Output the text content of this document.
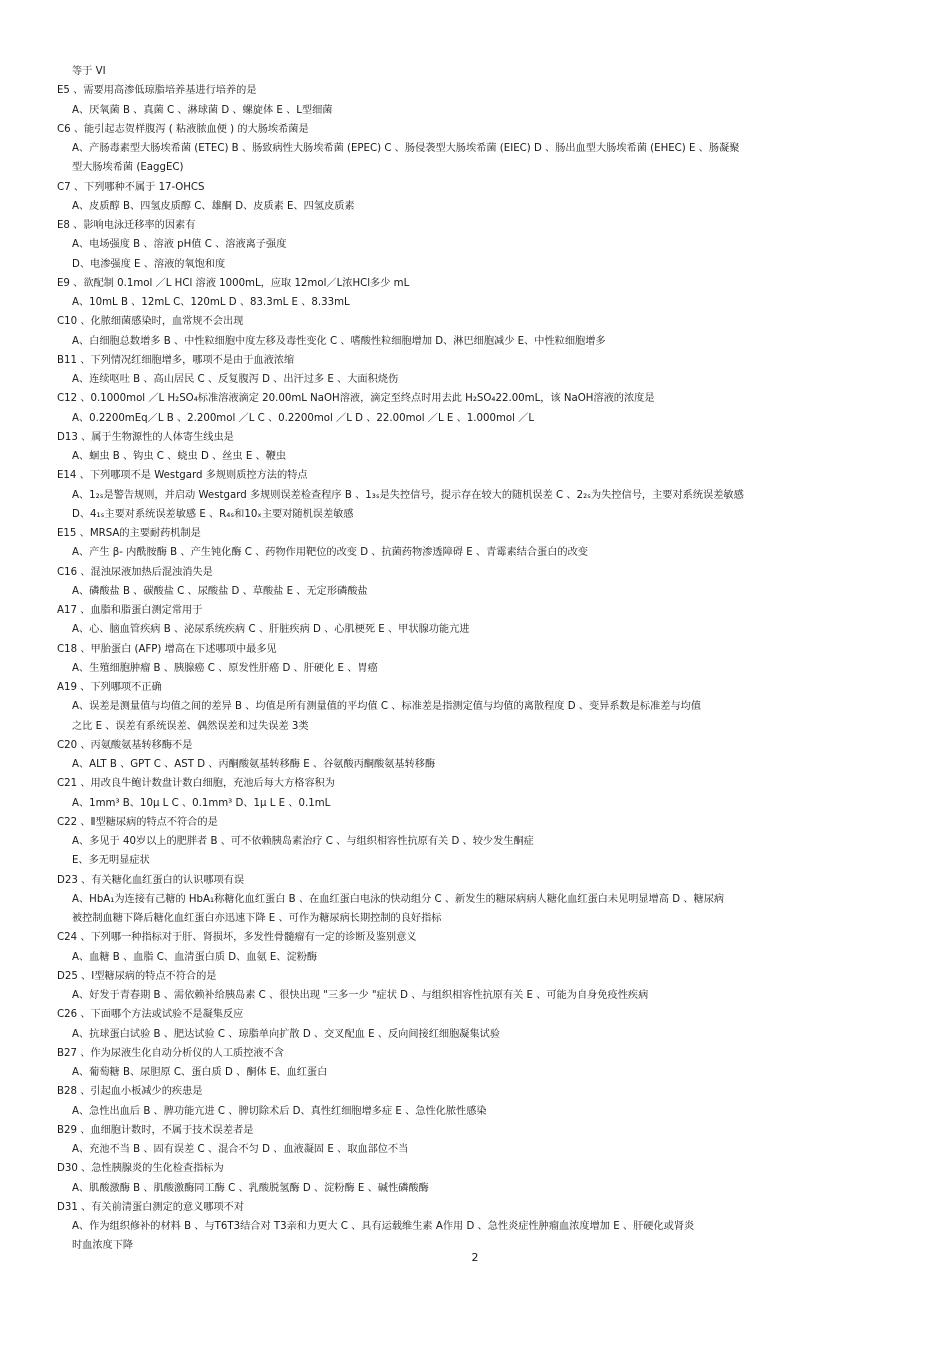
等于 VI
E5 、需要用高渗低琼脂培养基进行培养的是
A、厌氧菌 B 、真菌 C 、淋球菌 D 、螺旋体 E 、L型细菌
C6 、能引起志贺样腹泻 ( 粘液脓血便 ) 的大肠埃希菌是
A、产肠毒素型大肠埃希菌 (ETEC) B 、肠致病性大肠埃希菌 (EPEC) C 、肠侵袭型大肠埃希菌 (EIEC) D 、肠出血型大肠埃希菌 (EHEC) E 、肠凝聚
型大肠埃希菌 (EaggEC)
C7 、下列哪种不属于 17-OHCS
A、皮质醇 B、四氢皮质醇 C、雄酮 D、皮质素 E、四氢皮质素
E8 、影响电泳迁移率的因素有
A、电场强度 B 、溶液 pH值 C 、溶液离子强度
D、电渗强度 E 、溶液的氧饱和度
E9 、欲配制 0.1mol ／L HCl 溶液 1000mL，应取 12mol／L浓HCl多少 mL
A、10mL B 、12mL C、120mL D 、83.3mL E 、8.33mL
C10 、化脓细菌感染时，血常规不会出现
A、白细胞总数增多 B 、中性粒细胞中度左移及毒性变化 C 、嗜酸性粒细胞增加 D、淋巴细胞减少 E、中性粒细胞增多
B11 、下列情况红细胞增多，哪项不是由于血液浓缩
A、连续呕吐 B 、高山居民 C 、反复腹泻 D 、出汗过多 E 、大面积烧伤
C12 、0.1000mol ／L H₂SO₄标准溶液滴定 20.00mL NaOH溶液，滴定至终点时用去此 H₂SO₄22.00mL，该 NaOH溶液的浓度是
A、0.2200mEq／L B 、2.200mol ／L C 、0.2200mol ／L D 、22.00mol ／L E 、1.000mol ／L
D13 、属于生物源性的人体寄生线虫是
A、蛔虫 B 、钩虫 C 、蛲虫 D 、丝虫 E 、鞭虫
E14 、下列哪项不是 Westgard 多规则质控方法的特点
A、1₂ₛ是警告规则，并启动 Westgard 多规则误差检查程序 B 、1₃ₛ是失控信号，提示存在较大的随机误差 C 、2₂ₛ为失控信号，主要对系统误差敏感
D、4₁ₛ主要对系统误差敏感 E 、R₄ₛ和10ₓ主要对随机误差敏感
E15 、MRSA的主要耐药机制是
A、产生 β- 内酰胺酶 B 、产生钝化酶 C 、药物作用靶位的改变 D 、抗菌药物渗透障碍 E 、青霉素结合蛋白的改变
C16 、混浊尿液加热后混浊消失是
A、磷酸盐 B 、碳酸盐 C 、尿酸盐 D 、草酸盐 E 、无定形磷酸盐
A17 、血脂和脂蛋白测定常用于
A、心、脑血管疾病 B 、泌尿系统疾病 C 、肝脏疾病 D 、心肌梗死 E 、甲状腺功能亢进
C18 、甲胎蛋白 (AFP) 增高在下述哪项中最多见
A、生殖细胞肿瘤 B 、胰腺癌 C 、原发性肝癌 D 、肝硬化 E 、胃癌
A19 、下列哪项不正确
A、误差是测量值与均值之间的差异 B 、均值是所有测量值的平均值 C 、标准差是指测定值与均值的离散程度 D 、变异系数是标准差与均值
之比 E 、误差有系统误差、偶然误差和过失误差 3类
C20 、丙氨酸氨基转移酶不是
A、ALT B 、GPT C 、AST D 、丙酮酸氨基转移酶 E 、谷氨酸丙酮酸氨基转移酶
C21 、用改良牛鲍计数盘计数白细胞，充池后每大方格容积为
A、1mm³ B、10μ L C 、0.1mm³ D、1μ L E 、0.1mL
C22 、Ⅱ型糖尿病的特点不符合的是
A、多见于 40岁以上的肥胖者 B 、可不依赖胰岛素治疗 C 、与组织相容性抗原有关 D 、较少发生酮症
E、多无明显症状
D23 、有关糖化血红蛋白的认识哪项有误
A、HbA₁为连接有己糖的 HbA₁称糖化血红蛋白 B 、在血红蛋白电泳的快动组分 C 、新发生的糖尿病病人糖化血红蛋白未见明显增高 D 、糖尿病
被控制血糖下降后糖化血红蛋白亦迅速下降 E 、可作为糖尿病长期控制的良好指标
C24 、下列哪一种指标对于肝、肾损坏，多发性骨髓瘤有一定的诊断及鉴别意义
A、血糖 B 、血脂 C、血清蛋白质 D、血氨 E、淀粉酶
D25 、Ⅰ型糖尿病的特点不符合的是
A、好发于青春期 B 、需依赖补给胰岛素 C 、很快出现 "三多一少 "症状 D 、与组织相容性抗原有关 E 、可能为自身免疫性疾病
C26 、下面哪个方法或试验不是凝集反应
A、抗球蛋白试验 B 、肥达试验 C 、琼脂单向扩散 D 、交叉配血 E 、反向间接红细胞凝集试验
B27 、作为尿液生化自动分析仪的人工质控液不含
A、葡萄糖 B、尿胆原 C、蛋白质 D 、酮体 E、血红蛋白
B28 、引起血小板减少的疾患是
A、急性出血后 B 、脾功能亢进 C 、脾切除术后 D、真性红细胞增多症 E 、急性化脓性感染
B29 、血细胞计数时，不属于技术误差者是
A、充池不当 B 、固有误差 C 、混合不匀 D 、血液凝固 E 、取血部位不当
D30 、急性胰腺炎的生化检查指标为
A、肌酸激酶 B 、肌酸激酶同工酶 C 、乳酸脱氢酶 D 、淀粉酶 E 、碱性磷酸酶
D31 、有关前清蛋白测定的意义哪项不对
A、作为组织修补的材料 B 、与T6T3结合对 T3亲和力更大 C 、具有运载维生素 A作用 D 、急性炎症性肿瘤血浓度增加 E 、肝硬化或肾炎
时血浓度下降
2
